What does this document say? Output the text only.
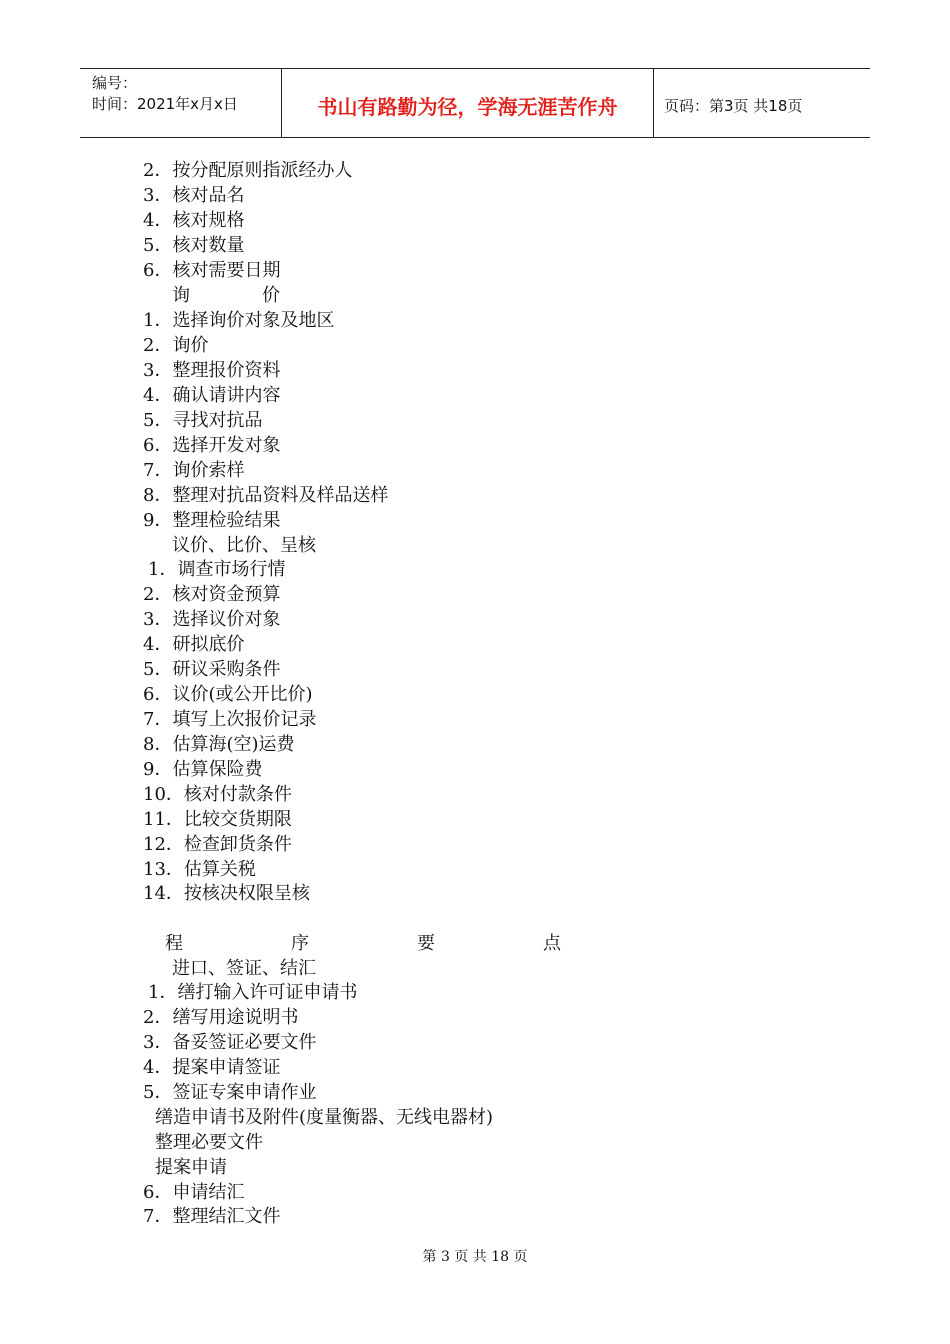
编号：
时间：2021年x月x日	书山有路勤为径，学海无涯苦作舟	页码：第3页 共18页
2．按分配原则指派经办人
3．核对品名
4．核对规格
5．核对数量
6．核对需要日期
询　　　　价
1．选择询价对象及地区
2．询价
3．整理报价资料
4．确认请讲内容
5．寻找对抗品
6．选择开发对象
7．询价索样
8．整理对抗品资料及样品送样
9．整理检验结果
议价、比价、呈核
1．调查市场行情
2．核对资金预算
3．选择议价对象
4．研拟底价
5．研议采购条件
6．议价(或公开比价)
7．填写上次报价记录
8．估算海(空)运费
9．估算保险费
10．核对付款条件
11．比较交货期限
12．检查卸货条件
13．估算关税
14．按核决权限呈核
程　　　　　　序　　　　　　要　　　　　　点
进口、签证、结汇
1．缮打输入许可证申请书
2．缮写用途说明书
3．备妥签证必要文件
4．提案申请签证
5．签证专案申请作业
缮造申请书及附件(度量衡器、无线电器材)
整理必要文件
提案申请
6．申请结汇
7．整理结汇文件
第 3 页 共 18 页
